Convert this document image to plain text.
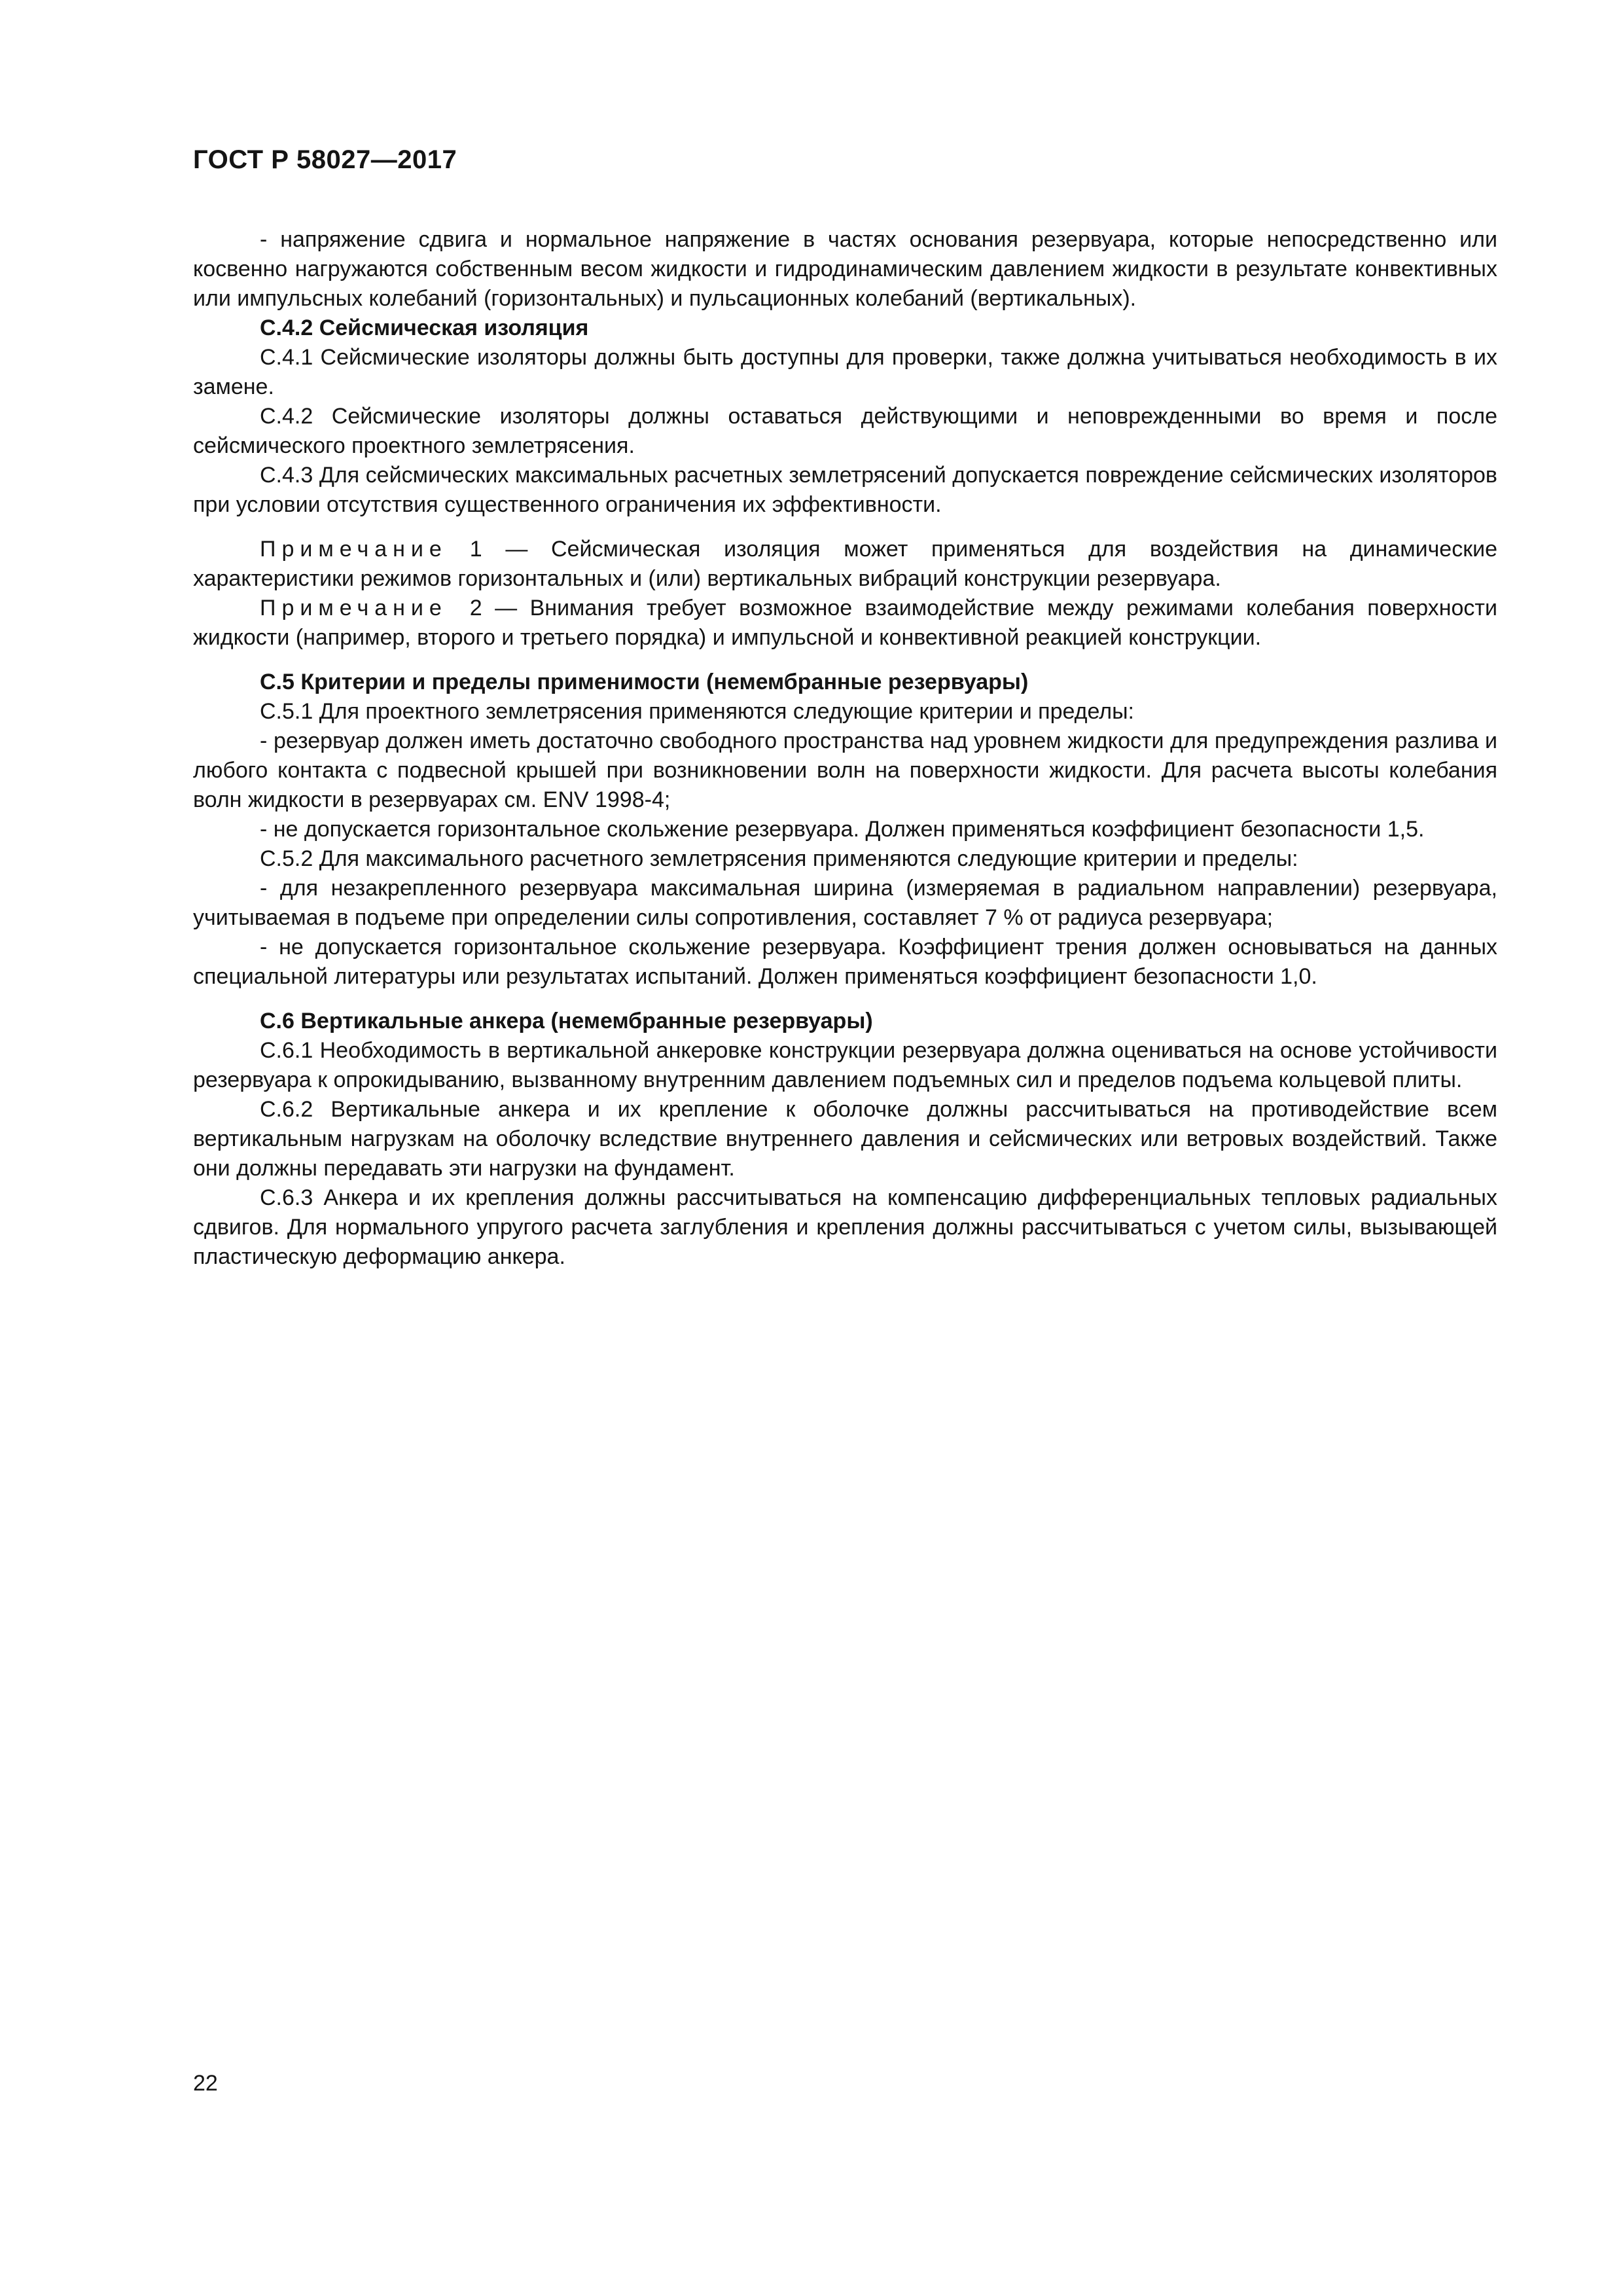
ГОСТ Р 58027—2017

- напряжение сдвига и нормальное напряжение в частях основания резервуара, которые непосредственно или косвенно нагружаются собственным весом жидкости и гидродинамическим давлением жидкости в результате конвективных или импульсных колебаний (горизонтальных) и пульсационных колебаний (вертикальных).

С.4.2 Сейсмическая изоляция

С.4.1 Сейсмические изоляторы должны быть доступны для проверки, также должна учитываться необходимость в их замене.

С.4.2 Сейсмические изоляторы должны оставаться действующими и неповрежденными во время и после сейсмического проектного землетрясения.

С.4.3 Для сейсмических максимальных расчетных землетрясений допускается повреждение сейсмических изоляторов при условии отсутствия существенного ограничения их эффективности.

Примечание  1 — Сейсмическая изоляция может применяться для воздействия на динамические характеристики режимов горизонтальных и (или) вертикальных вибраций конструкции резервуара.

Примечание  2 — Внимания требует возможное взаимодействие между режимами колебания поверхности жидкости (например, второго и третьего порядка) и импульсной и конвективной реакцией конструкции.

С.5 Критерии и пределы применимости (немембранные резервуары)

С.5.1 Для проектного землетрясения применяются следующие критерии и пределы:

- резервуар должен иметь достаточно свободного пространства над уровнем жидкости для предупреждения разлива и любого контакта с подвесной крышей при возникновении волн на поверхности жидкости. Для расчета высоты колебания волн жидкости в резервуарах см. ENV 1998-4;

- не допускается горизонтальное скольжение резервуара. Должен применяться коэффициент безопасности 1,5.

С.5.2 Для максимального расчетного землетрясения применяются следующие критерии и пределы:

- для незакрепленного резервуара максимальная ширина (измеряемая в радиальном направлении) резервуара, учитываемая в подъеме при определении силы сопротивления, составляет 7 % от радиуса резервуара;

- не допускается горизонтальное скольжение резервуара. Коэффициент трения должен основываться на данных специальной литературы или результатах испытаний. Должен применяться коэффициент безопасности 1,0.

С.6 Вертикальные анкера (немембранные резервуары)

С.6.1 Необходимость в вертикальной анкеровке конструкции резервуара должна оцениваться на основе устойчивости резервуара к опрокидыванию, вызванному внутренним давлением подъемных сил и пределов подъема кольцевой плиты.

С.6.2 Вертикальные анкера и их крепление к оболочке должны рассчитываться на противодействие всем вертикальным нагрузкам на оболочку вследствие внутреннего давления и сейсмических или ветровых воздействий. Также они должны передавать эти нагрузки на фундамент.

С.6.3 Анкера и их крепления должны рассчитываться на компенсацию дифференциальных тепловых радиальных сдвигов. Для нормального упругого расчета заглубления и крепления должны рассчитываться с учетом силы, вызывающей пластическую деформацию анкера.

22
